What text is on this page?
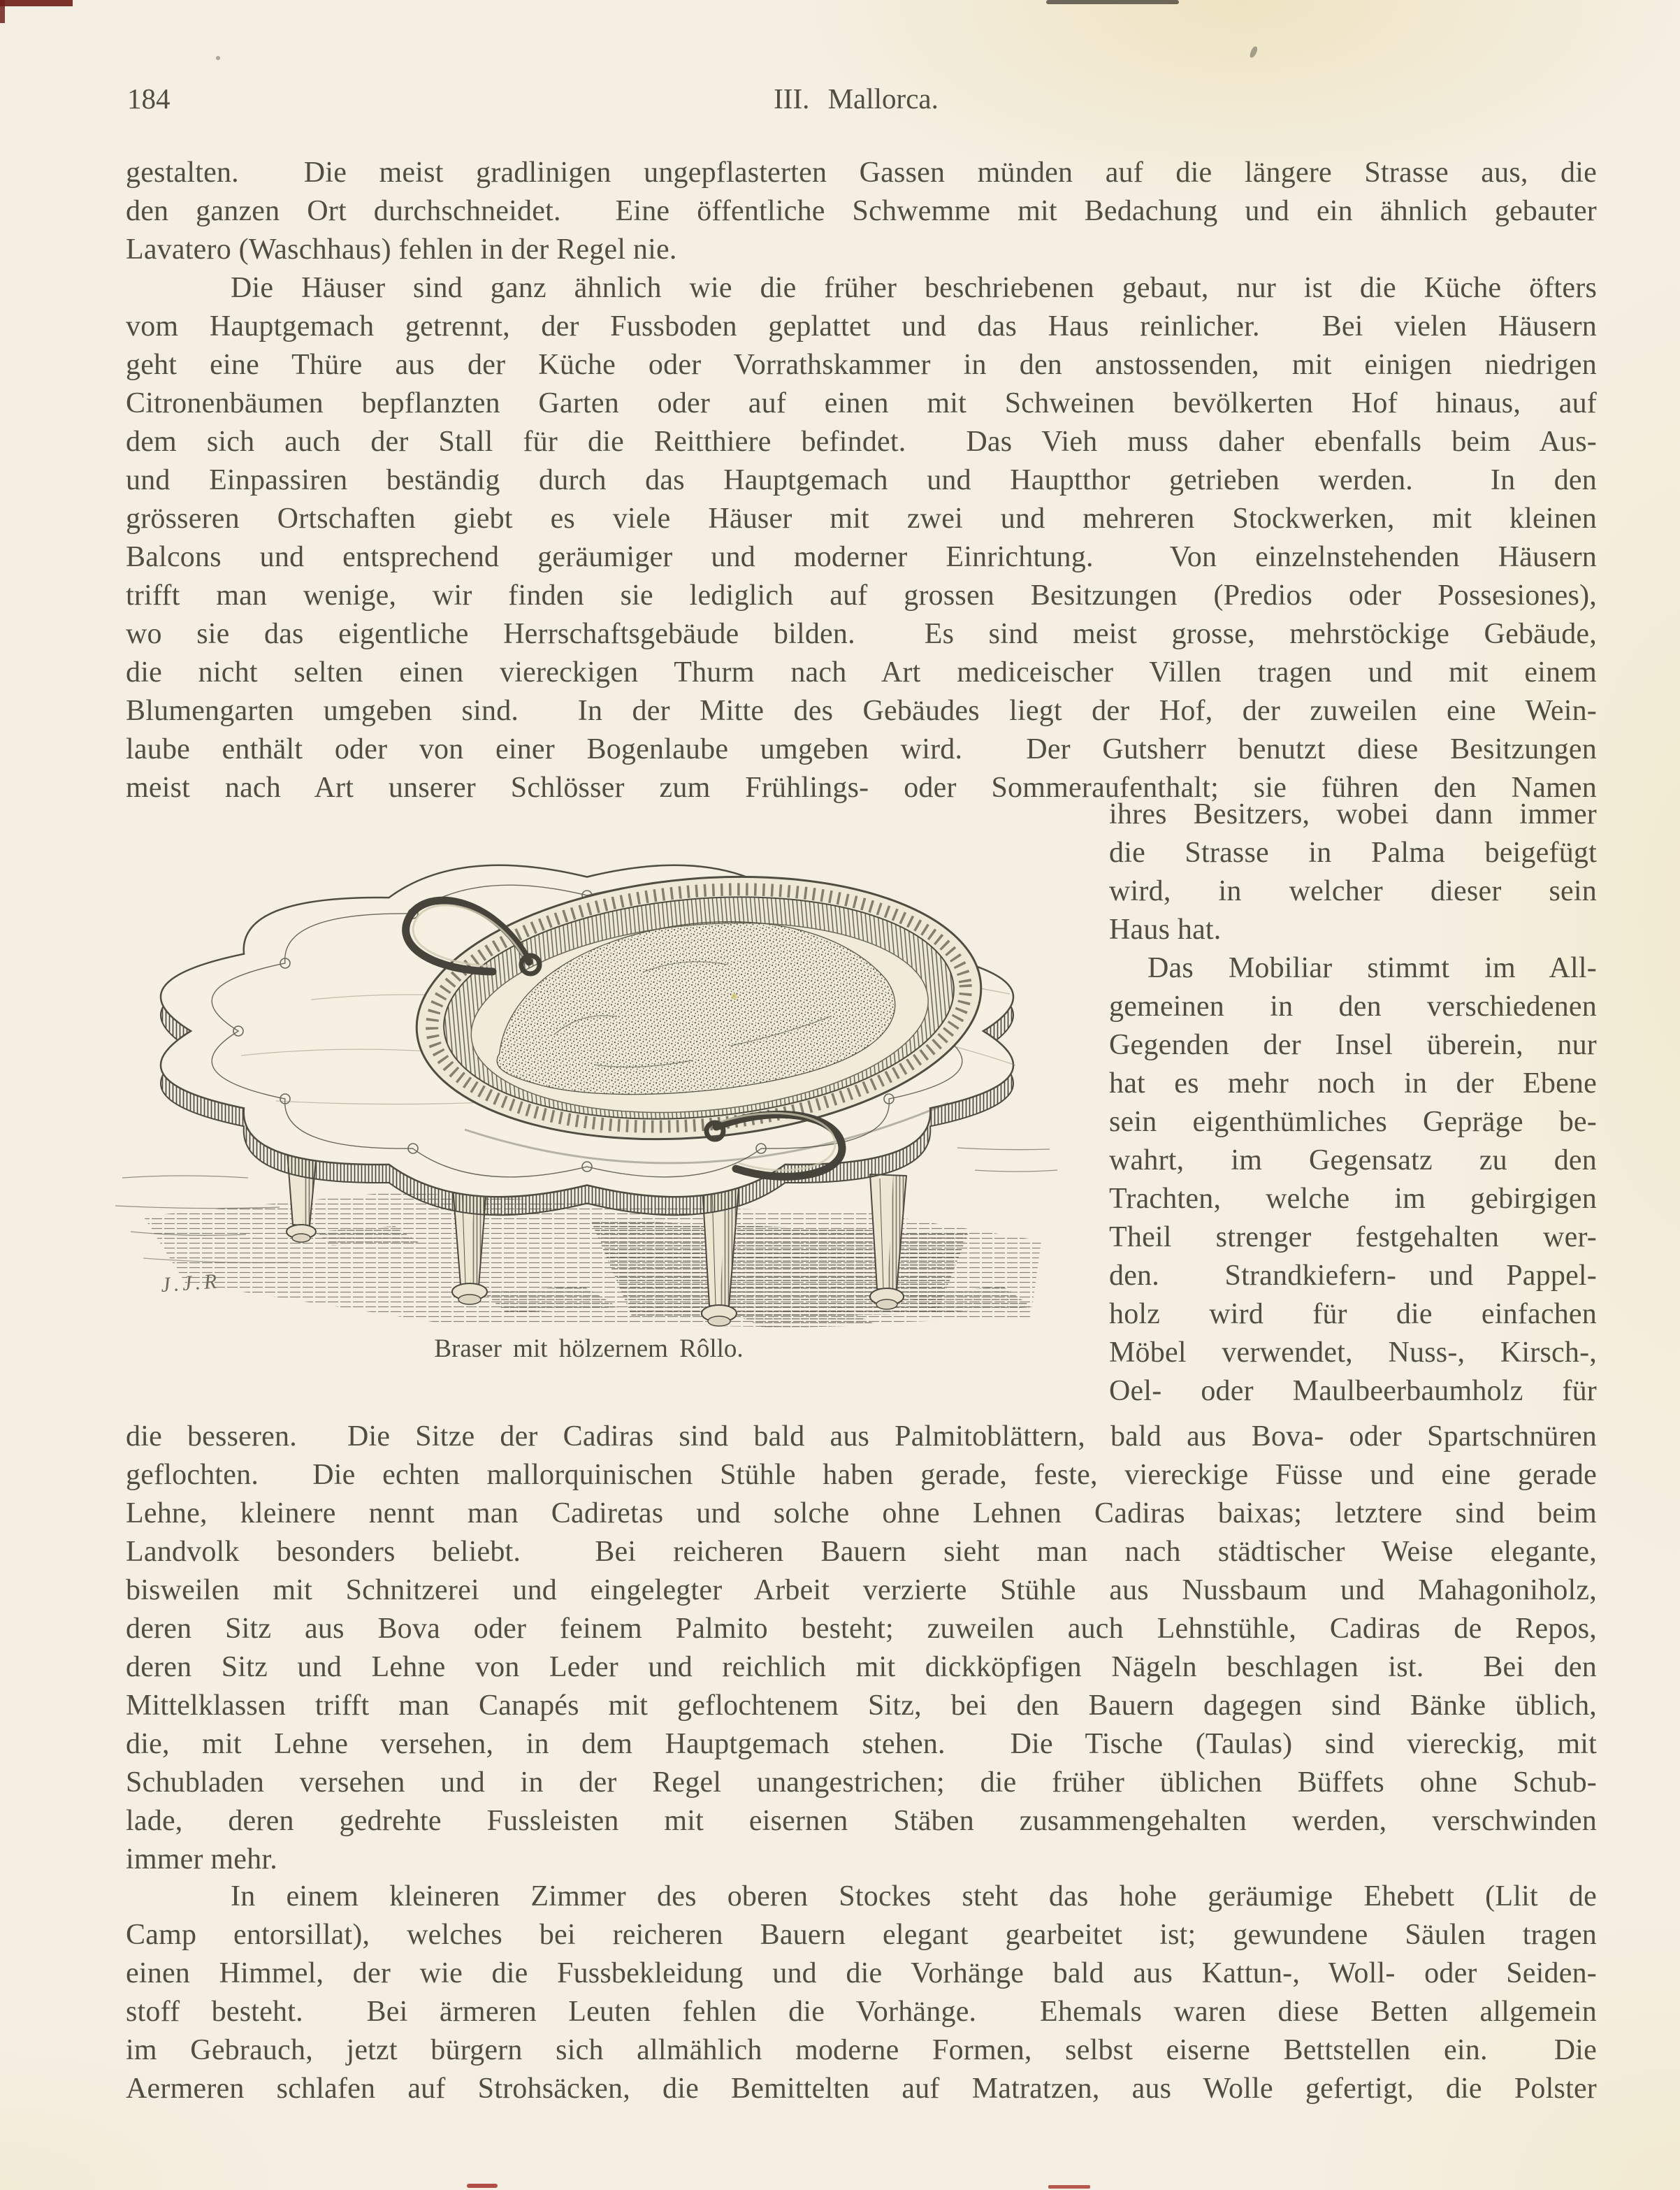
184	III. Mallorca.
gestalten.  Die meist gradlinigen ungepflasterten Gassen münden auf die längere Strasse aus, die
den ganzen Ort durchschneidet.  Eine öffentliche Schwemme mit Bedachung und ein ähnlich gebauter
Lavatero (Waschhaus) fehlen in der Regel nie.
Die Häuser sind ganz ähnlich wie die früher beschriebenen gebaut, nur ist die Küche öfters
vom Hauptgemach getrennt, der Fussboden geplattet und das Haus reinlicher.  Bei vielen Häusern
geht eine Thüre aus der Küche oder Vorrathskammer in den anstossenden, mit einigen niedrigen
Citronenbäumen bepflanzten Garten oder auf einen mit Schweinen bevölkerten Hof hinaus, auf
dem sich auch der Stall für die Reitthiere befindet.  Das Vieh muss daher ebenfalls beim Aus-
und Einpassiren beständig durch das Hauptgemach und Hauptthor getrieben werden.  In den
grösseren Ortschaften giebt es viele Häuser mit zwei und mehreren Stockwerken, mit kleinen
Balcons und entsprechend geräumiger und moderner Einrichtung.  Von einzelnstehenden Häusern
trifft man wenige, wir finden sie lediglich auf grossen Besitzungen (Predios oder Possesiones),
wo sie das eigentliche Herrschaftsgebäude bilden.  Es sind meist grosse, mehrstöckige Gebäude,
die nicht selten einen viereckigen Thurm nach Art mediceischer Villen tragen und mit einem
Blumengarten umgeben sind.  In der Mitte des Gebäudes liegt der Hof, der zuweilen eine Wein-
laube enthält oder von einer Bogenlaube umgeben wird.  Der Gutsherr benutzt diese Besitzungen
meist nach Art unserer Schlösser zum Frühlings- oder Sommeraufenthalt; sie führen den Namen
ihres Besitzers, wobei dann immer
die Strasse in Palma beigefügt
wird, in welcher dieser sein
Haus hat.
Das Mobiliar stimmt im All-
gemeinen in den verschiedenen
Gegenden der Insel überein, nur
hat es mehr noch in der Ebene
sein eigenthümliches Gepräge be-
wahrt, im Gegensatz zu den
Trachten, welche im gebirgigen
Theil strenger festgehalten wer-
den.  Strandkiefern- und Pappel-
holz wird für die einfachen
Möbel verwendet, Nuss-, Kirsch-,
Oel- oder Maulbeerbaumholz für
J.J.R
Braser mit hölzernem Rôllo.
die besseren.  Die Sitze der Cadiras sind bald aus Palmitoblättern, bald aus Bova- oder Spartschnüren
geflochten.  Die echten mallorquinischen Stühle haben gerade, feste, viereckige Füsse und eine gerade
Lehne, kleinere nennt man Cadiretas und solche ohne Lehnen Cadiras baixas; letztere sind beim
Landvolk besonders beliebt.  Bei reicheren Bauern sieht man nach städtischer Weise elegante,
bisweilen mit Schnitzerei und eingelegter Arbeit verzierte Stühle aus Nussbaum und Mahagoniholz,
deren Sitz aus Bova oder feinem Palmito besteht; zuweilen auch Lehnstühle, Cadiras de Repos,
deren Sitz und Lehne von Leder und reichlich mit dickköpfigen Nägeln beschlagen ist.  Bei den
Mittelklassen trifft man Canapés mit geflochtenem Sitz, bei den Bauern dagegen sind Bänke üblich,
die, mit Lehne versehen, in dem Hauptgemach stehen.  Die Tische (Taulas) sind viereckig, mit
Schubladen versehen und in der Regel unangestrichen; die früher üblichen Büffets ohne Schub-
lade, deren gedrehte Fussleisten mit eisernen Stäben zusammengehalten werden, verschwinden
immer mehr.
In einem kleineren Zimmer des oberen Stockes steht das hohe geräumige Ehebett (Llit de
Camp entorsillat), welches bei reicheren Bauern elegant gearbeitet ist; gewundene Säulen tragen
einen Himmel, der wie die Fussbekleidung und die Vorhänge bald aus Kattun-, Woll- oder Seiden-
stoff besteht.  Bei ärmeren Leuten fehlen die Vorhänge.  Ehemals waren diese Betten allgemein
im Gebrauch, jetzt bürgern sich allmählich moderne Formen, selbst eiserne Bettstellen ein.  Die
Aermeren schlafen auf Strohsäcken, die Bemittelten auf Matratzen, aus Wolle gefertigt, die Polster
